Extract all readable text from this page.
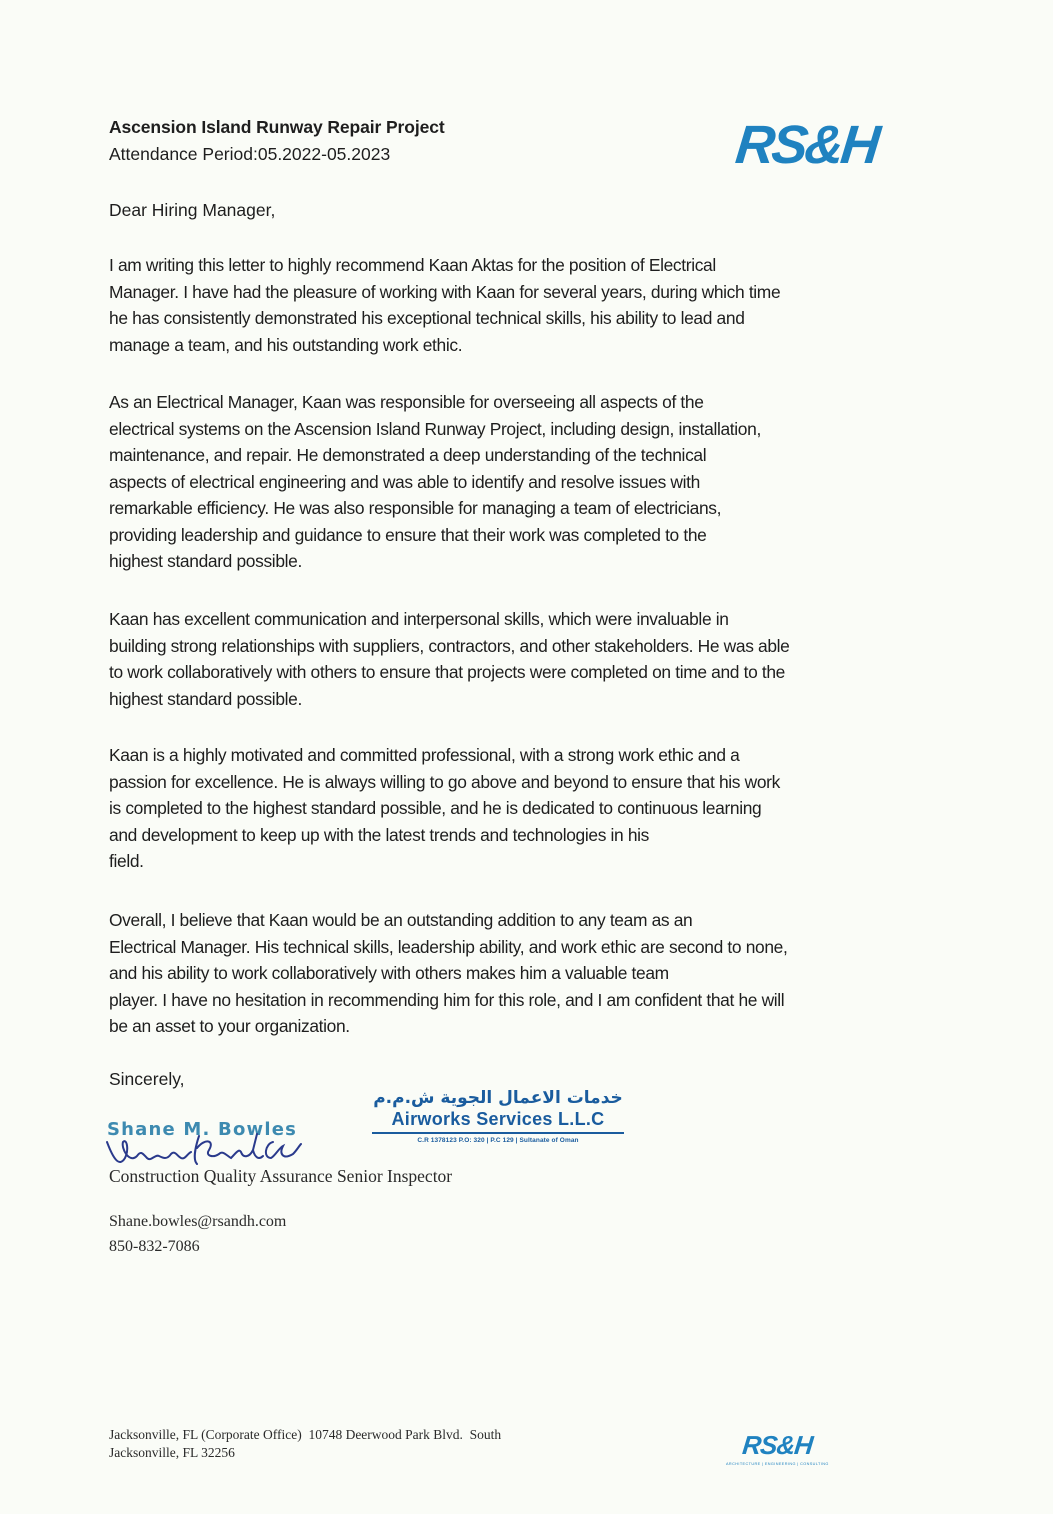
Ascension Island Runway Repair Project
Attendance Period:05.2022-05.2023	RS&H
Dear Hiring Manager,

I am writing this letter to highly recommend Kaan Aktas for the position of Electrical
Manager. I have had the pleasure of working with Kaan for several years, during which time
he has consistently demonstrated his exceptional technical skills, his ability to lead and
manage a team, and his outstanding work ethic.

As an Electrical Manager, Kaan was responsible for overseeing all aspects of the
electrical systems on the Ascension Island Runway Project, including design, installation,
maintenance, and repair. He demonstrated a deep understanding of the technical
aspects of electrical engineering and was able to identify and resolve issues with
remarkable efficiency. He was also responsible for managing a team of electricians,
providing leadership and guidance to ensure that their work was completed to the
highest standard possible.

Kaan has excellent communication and interpersonal skills, which were invaluable in
building strong relationships with suppliers, contractors, and other stakeholders. He was able
to work collaboratively with others to ensure that projects were completed on time and to the
highest standard possible.

Kaan is a highly motivated and committed professional, with a strong work ethic and a
passion for excellence. He is always willing to go above and beyond to ensure that his work
is completed to the highest standard possible, and he is dedicated to continuous learning
and development to keep up with the latest trends and technologies in his
field.

Overall, I believe that Kaan would be an outstanding addition to any team as an
Electrical Manager. His technical skills, leadership ability, and work ethic are second to none,
and his ability to work collaboratively with others makes him a valuable team
player. I have no hesitation in recommending him for this role, and I am confident that he will
be an asset to your organization.

Sincerely,
خدمات الاعمال الجوية ش.م.م
Airworks Services L.L.C
C.R 1378123 P.O: 320 | P.C 129 | Sultanate of Oman
Shane M. Bowles
Construction Quality Assurance Senior Inspector
Shane.bowles@rsandh.com
850-832-7086
Jacksonville, FL (Corporate Office)  10748 Deerwood Park Blvd.  South
Jacksonville, FL 32256	RS&H
ARCHITECTURE | ENGINEERING | CONSULTING
